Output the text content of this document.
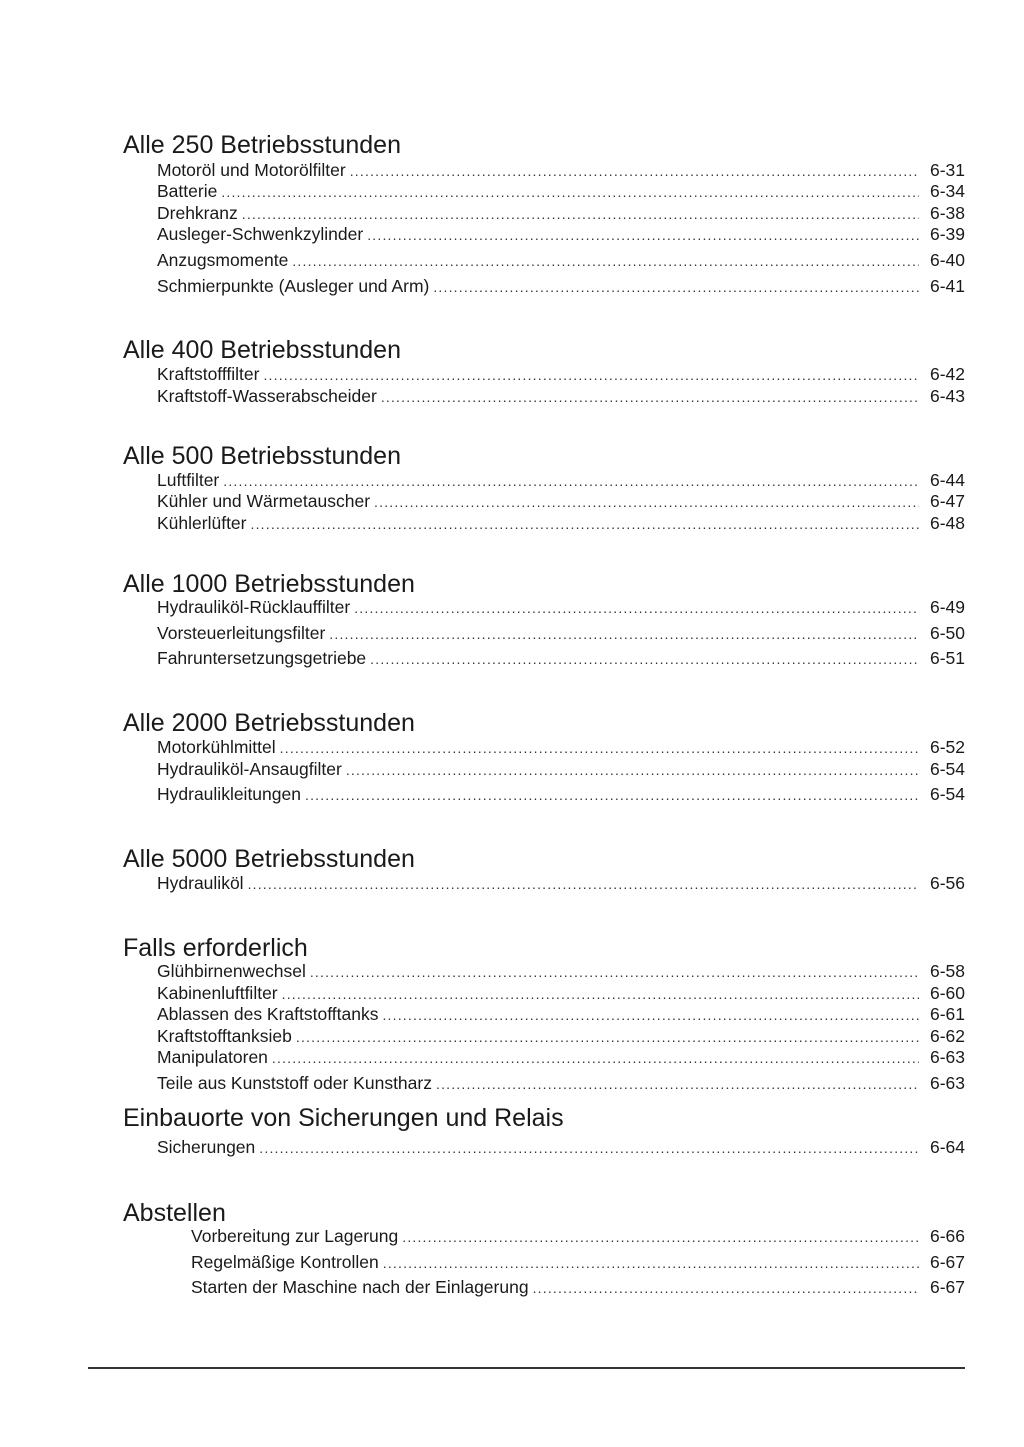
Alle 250 Betriebsstunden
Motoröl und Motorölfilter . . .	6-31
Batterie . . .	6-34
Drehkranz . . .	6-38
Ausleger-Schwenkzylinder . . .	6-39
Anzugsmomente . . .	6-40
Schmierpunkte (Ausleger und Arm) . . .	6-41
Alle 400 Betriebsstunden
Kraftstofffilter . . .	6-42
Kraftstoff-Wasserabscheider . . .	6-43
Alle 500 Betriebsstunden
Luftfilter . . .	6-44
Kühler und Wärmetauscher . . .	6-47
Kühlerlüfter . . .	6-48
Alle 1000 Betriebsstunden
Hydrauliköl-Rücklauffilter . . .	6-49
Vorsteuerleitungsfilter . . .	6-50
Fahruntersetzungsgetriebe . . .	6-51
Alle 2000 Betriebsstunden
Motorkühlmittel . . .	6-52
Hydrauliköl-Ansaugfilter . . .	6-54
Hydraulikleitungen . . .	6-54
Alle 5000 Betriebsstunden
Hydrauliköl . . .	6-56
Falls erforderlich
Glühbirnenwechsel . . .	6-58
Kabinenluftfilter . . .	6-60
Ablassen des Kraftstofftanks . . .	6-61
Kraftstofftanksieb . . .	6-62
Manipulatoren . . .	6-63
Teile aus Kunststoff oder Kunstharz . . .	6-63
Einbauorte von Sicherungen und Relais
Sicherungen . . .	6-64
Abstellen
Vorbereitung zur Lagerung . . .	6-66
Regelmäßige Kontrollen . . .	6-67
Starten der Maschine nach der Einlagerung . . .	6-67
